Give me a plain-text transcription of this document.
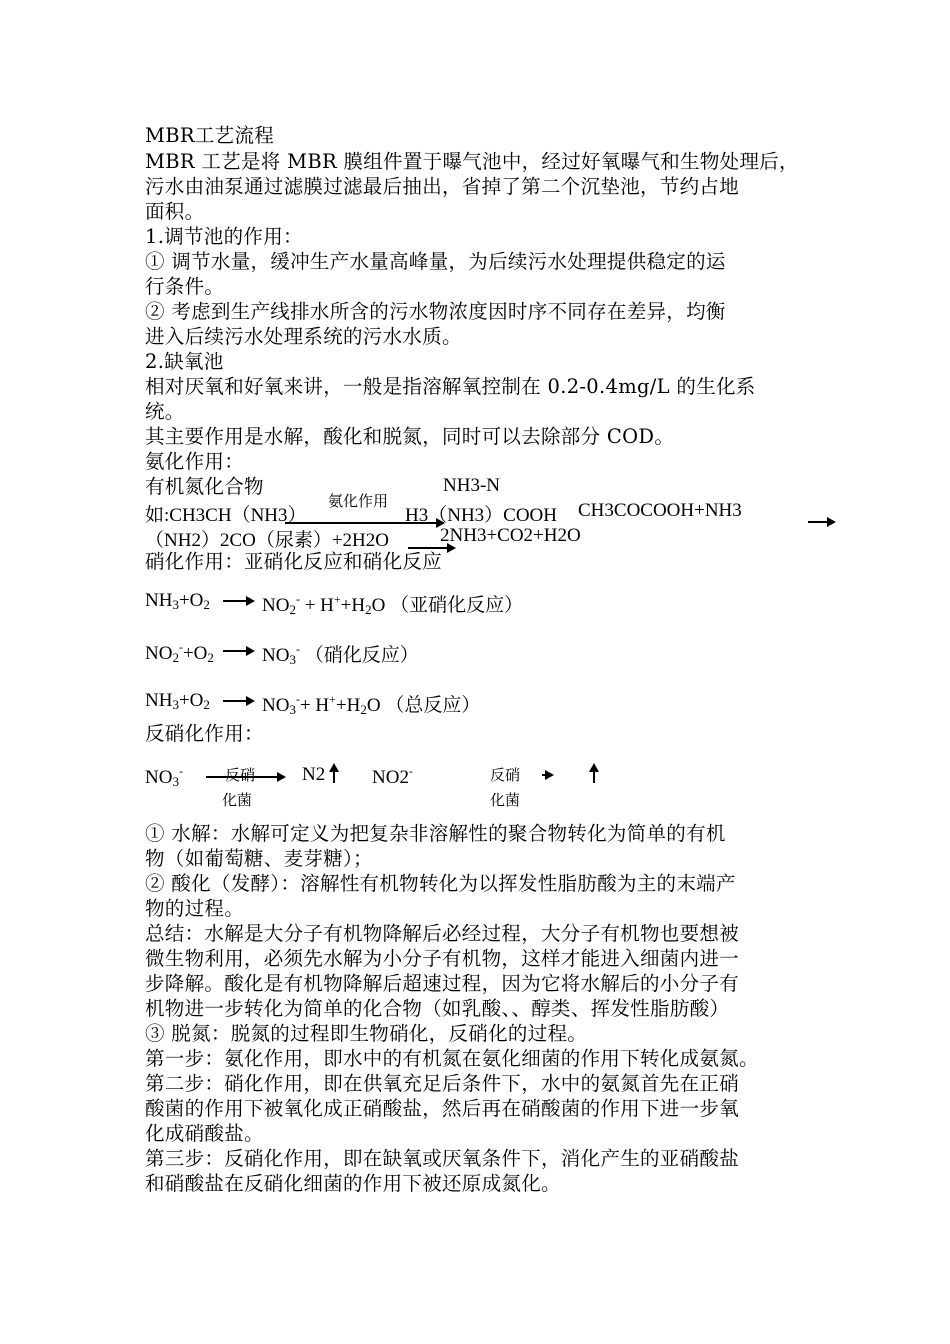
MBR工艺流程
MBR 工艺是将 MBR 膜组件置于曝气池中，经过好氧曝气和生物处理后，
污水由油泵通过滤膜过滤最后抽出，省掉了第二个沉垫池，节约占地
面积。
1.调节池的作用：
① 调节水量，缓冲生产水量高峰量，为后续污水处理提供稳定的运
行条件。
② 考虑到生产线排水所含的污水物浓度因时序不同存在差异，均衡
进入后续污水处理系统的污水水质。
2.缺氧池
相对厌氧和好氧来讲，一般是指溶解氧控制在 0.2-0.4mg/L 的生化系
统。
其主要作用是水解，酸化和脱氮，同时可以去除部分 COD。
氨化作用：
有机氮化合物	NH3-N
氨化作用
如:CH3CH（NH3）	H3（NH3）COOH CH3COCOOH+NH3
（NH2）2CO（尿素）+2H2O	2NH3+CO2+H2O
硝化作用：亚硝化反应和硝化反应
$NH_3+O_2 \to NO_2^- + H^++H_2O$ （亚硝化反应）
$NO_2^-+O_2 \to NO_3^-$ （硝化反应）
$NH_3+O_2 \to NO_3^-+ H^++H_2O$ （总反应）
反硝化作用：
$NO_3^-$	反硝
化菌
N2 NO2-	反硝
化菌
① 水解：水解可定义为把复杂非溶解性的聚合物转化为简单的有机
物（如葡萄糖、麦芽糖）；
② 酸化（发酵）：溶解性有机物转化为以挥发性脂肪酸为主的末端产
物的过程。
总结：水解是大分子有机物降解后必经过程，大分子有机物也要想被
微生物利用，必须先水解为小分子有机物，这样才能进入细菌内进一
步降解。酸化是有机物降解后超速过程，因为它将水解后的小分子有
机物进一步转化为简单的化合物（如乳酸、、醇类、挥发性脂肪酸）
③ 脱氮：脱氮的过程即生物硝化，反硝化的过程。
第一步：氨化作用，即水中的有机氮在氨化细菌的作用下转化成氨氮。
第二步：硝化作用，即在供氧充足后条件下，水中的氨氮首先在正硝
酸菌的作用下被氧化成正硝酸盐，然后再在硝酸菌的作用下进一步氧
化成硝酸盐。
第三步：反硝化作用，即在缺氧或厌氧条件下，消化产生的亚硝酸盐
和硝酸盐在反硝化细菌的作用下被还原成氮化。
